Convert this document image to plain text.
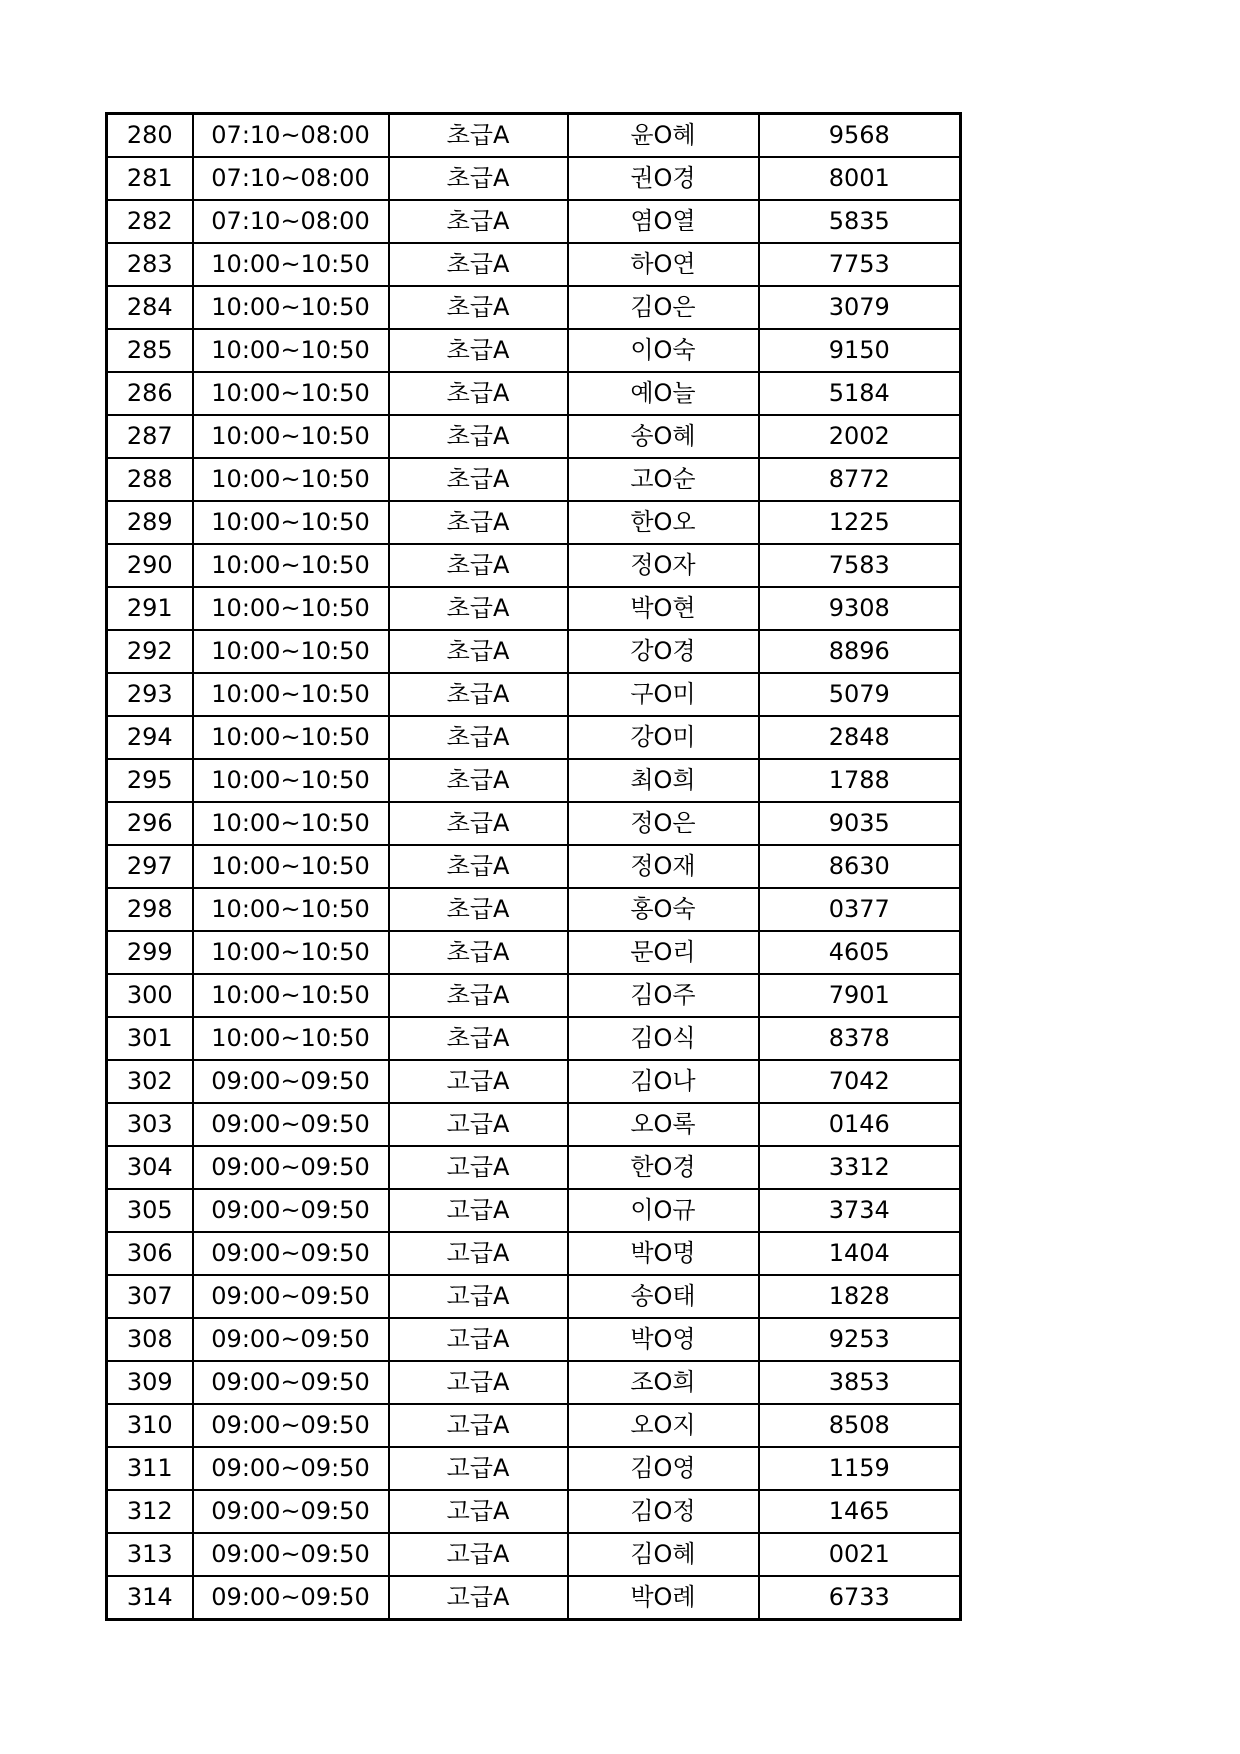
280	07:10~08:00	초급A	윤O혜	9568
281	07:10~08:00	초급A	권O경	8001
282	07:10~08:00	초급A	염O열	5835
283	10:00~10:50	초급A	하O연	7753
284	10:00~10:50	초급A	김O은	3079
285	10:00~10:50	초급A	이O숙	9150
286	10:00~10:50	초급A	예O늘	5184
287	10:00~10:50	초급A	송O혜	2002
288	10:00~10:50	초급A	고O순	8772
289	10:00~10:50	초급A	한O오	1225
290	10:00~10:50	초급A	정O자	7583
291	10:00~10:50	초급A	박O현	9308
292	10:00~10:50	초급A	강O경	8896
293	10:00~10:50	초급A	구O미	5079
294	10:00~10:50	초급A	강O미	2848
295	10:00~10:50	초급A	최O희	1788
296	10:00~10:50	초급A	정O은	9035
297	10:00~10:50	초급A	정O재	8630
298	10:00~10:50	초급A	홍O숙	0377
299	10:00~10:50	초급A	문O리	4605
300	10:00~10:50	초급A	김O주	7901
301	10:00~10:50	초급A	김O식	8378
302	09:00~09:50	고급A	김O나	7042
303	09:00~09:50	고급A	오O록	0146
304	09:00~09:50	고급A	한O경	3312
305	09:00~09:50	고급A	이O규	3734
306	09:00~09:50	고급A	박O명	1404
307	09:00~09:50	고급A	송O태	1828
308	09:00~09:50	고급A	박O영	9253
309	09:00~09:50	고급A	조O희	3853
310	09:00~09:50	고급A	오O지	8508
311	09:00~09:50	고급A	김O영	1159
312	09:00~09:50	고급A	김O정	1465
313	09:00~09:50	고급A	김O혜	0021
314	09:00~09:50	고급A	박O례	6733
